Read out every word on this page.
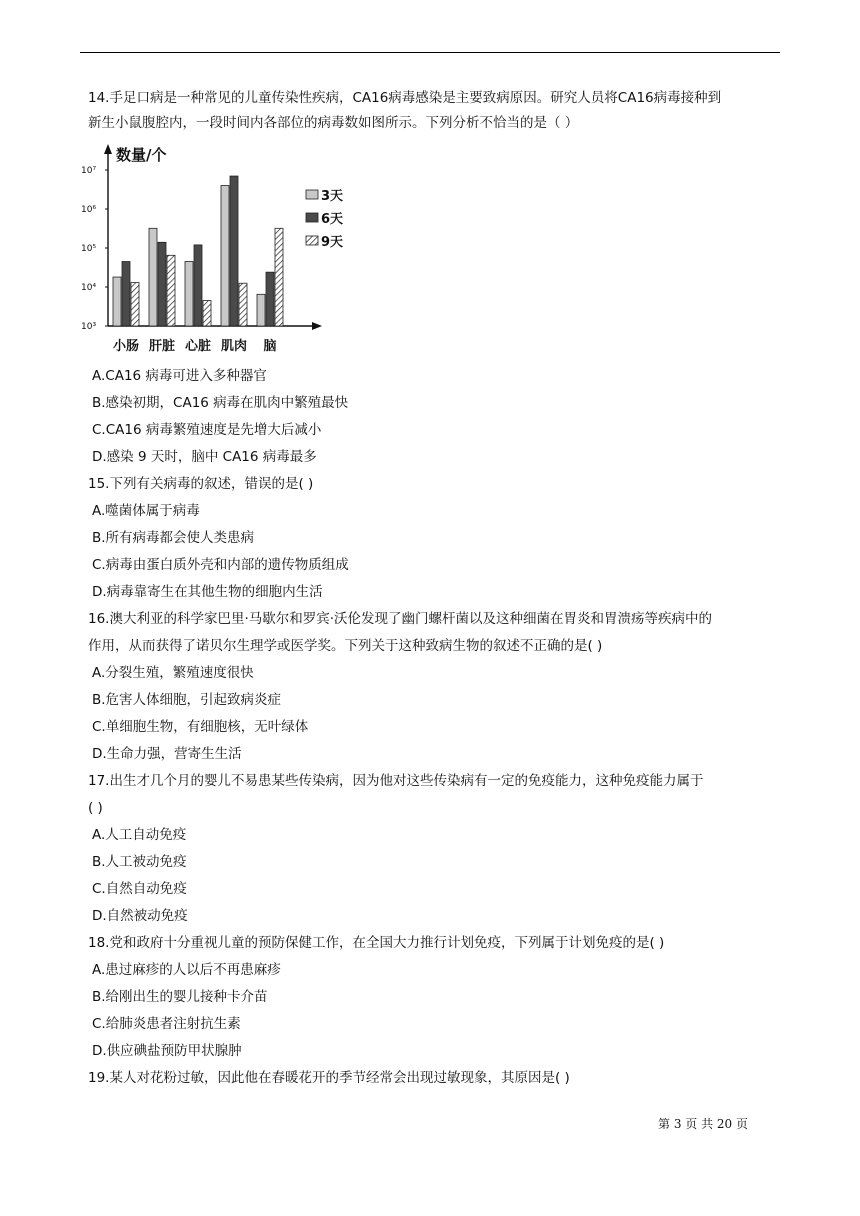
14.手足口病是一种常见的儿童传染性疾病，CA16病毒感染是主要致病原因。研究人员将CA16病毒接种到
新生小鼠腹腔内，一段时间内各部位的病毒数如图所示。下列分析不恰当的是（ ）
数量/个
10³
10⁴
10⁵
10⁶
10⁷
小肠 肝脏 心脏 肌肉 脑
3天
6天
9天
A.CA16 病毒可进入多种器官
B.感染初期，CA16 病毒在肌肉中繁殖最快
C.CA16 病毒繁殖速度是先增大后减小
D.感染 9 天时，脑中 CA16 病毒最多
15.下列有关病毒的叙述，错误的是( )
A.噬菌体属于病毒
B.所有病毒都会使人类患病
C.病毒由蛋白质外壳和内部的遗传物质组成
D.病毒靠寄生在其他生物的细胞内生活
16.澳大利亚的科学家巴里·马歇尔和罗宾·沃伦发现了幽门螺杆菌以及这种细菌在胃炎和胃溃疡等疾病中的
作用，从而获得了诺贝尔生理学或医学奖。下列关于这种致病生物的叙述不正确的是( )
A.分裂生殖，繁殖速度很快
B.危害人体细胞，引起致病炎症
C.单细胞生物，有细胞核，无叶绿体
D.生命力强，营寄生生活
17.出生才几个月的婴儿不易患某些传染病，因为他对这些传染病有一定的免疫能力，这种免疫能力属于
( )
A.人工自动免疫
B.人工被动免疫
C.自然自动免疫
D.自然被动免疫
18.党和政府十分重视儿童的预防保健工作，在全国大力推行计划免疫，下列属于计划免疫的是( )
A.患过麻疹的人以后不再患麻疹
B.给刚出生的婴儿接种卡介苗
C.给肺炎患者注射抗生素
D.供应碘盐预防甲状腺肿
19.某人对花粉过敏，因此他在春暖花开的季节经常会出现过敏现象，其原因是( )
第 3 页 共 20 页
